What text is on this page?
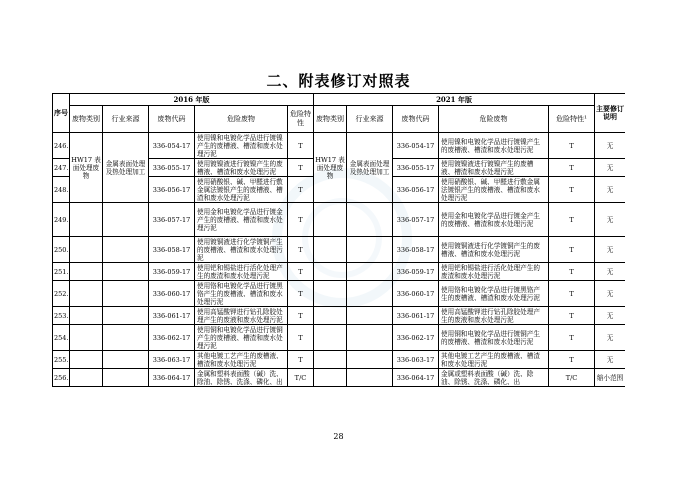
二、附表修订对照表
序号	2016 年版					2021 年版					主要修订说明
	废物类别	行业来源	废物代码	危险废物	危险特性	废物类别	行业来源	废物代码	危险废物	危险特性¹	
246.	HW17 表面处理废物	金属表面处理及热处理加工	336-054-17	使用镍和电镀化学品进行镀镍产生的废槽液、槽渣和废水处理污泥	T	HW17 表面处理废物	金属表面处理及热处理加工	336-054-17	使用镍和电镀化学品进行镀镍产生的废槽液、槽渣和废水处理污泥	T	无
247.			336-055-17	使用镀镍液进行镀镍产生的废槽液、槽渣和废水处理污泥	T			336-055-17	使用镀镍液进行镀镍产生的废槽液、槽渣和废水处理污泥	T	无
248.			336-056-17	使用硝酸银、碱、甲醛进行敷金属法镀银产生的废槽液、槽渣和废水处理污泥	T			336-056-17	使用硝酸银、碱、甲醛进行敷金属法镀银产生的废槽液、槽渣和废水处理污泥	T	无
249.			336-057-17	使用金和电镀化学品进行镀金产生的废槽液、槽渣和废水处理污泥	T			336-057-17	使用金和电镀化学品进行镀金产生的废槽液、槽渣和废水处理污泥	T	无
250.			336-058-17	使用镀铜液进行化学镀铜产生的废槽液、槽渣和废水处理污泥	T			336-058-17	使用镀铜液进行化学镀铜产生的废槽液、槽渣和废水处理污泥	T	无
251.			336-059-17	使用钯和锡盐进行活化处理产生的废渣和废水处理污泥	T			336-059-17	使用钯和锡盐进行活化处理产生的废渣和废水处理污泥	T	无
252.			336-060-17	使用铬和电镀化学品进行镀黑铬产生的废槽液、槽渣和废水处理污泥	T			336-060-17	使用铬和电镀化学品进行镀黑铬产生的废槽液、槽渣和废水处理污泥	T	无
253.			336-061-17	使用高锰酸钾进行钻孔除胶处理产生的废液和废水处理污泥	T			336-061-17	使用高锰酸钾进行钻孔除胶处理产生的废液和废水处理污泥	T	无
254.			336-062-17	使用铜和电镀化学品进行镀铜产生的废槽液、槽渣和废水处理污泥	T			336-062-17	使用铜和电镀化学品进行镀铜产生的废槽液、槽渣和废水处理污泥	T	无
255.			336-063-17	其他电镀工艺产生的废槽液、槽渣和废水处理污泥	T			336-063-17	其他电镀工艺产生的废槽液、槽渣和废水处理污泥	T	无
256.			336-064-17	金属和塑料表面酸（碱）洗、除油、除锈、洗涤、磷化、出	T/C			336-064-17	金属或塑料表面酸（碱）洗、除油、除锈、洗涤、磷化、出	T/C	缩小范围
28
